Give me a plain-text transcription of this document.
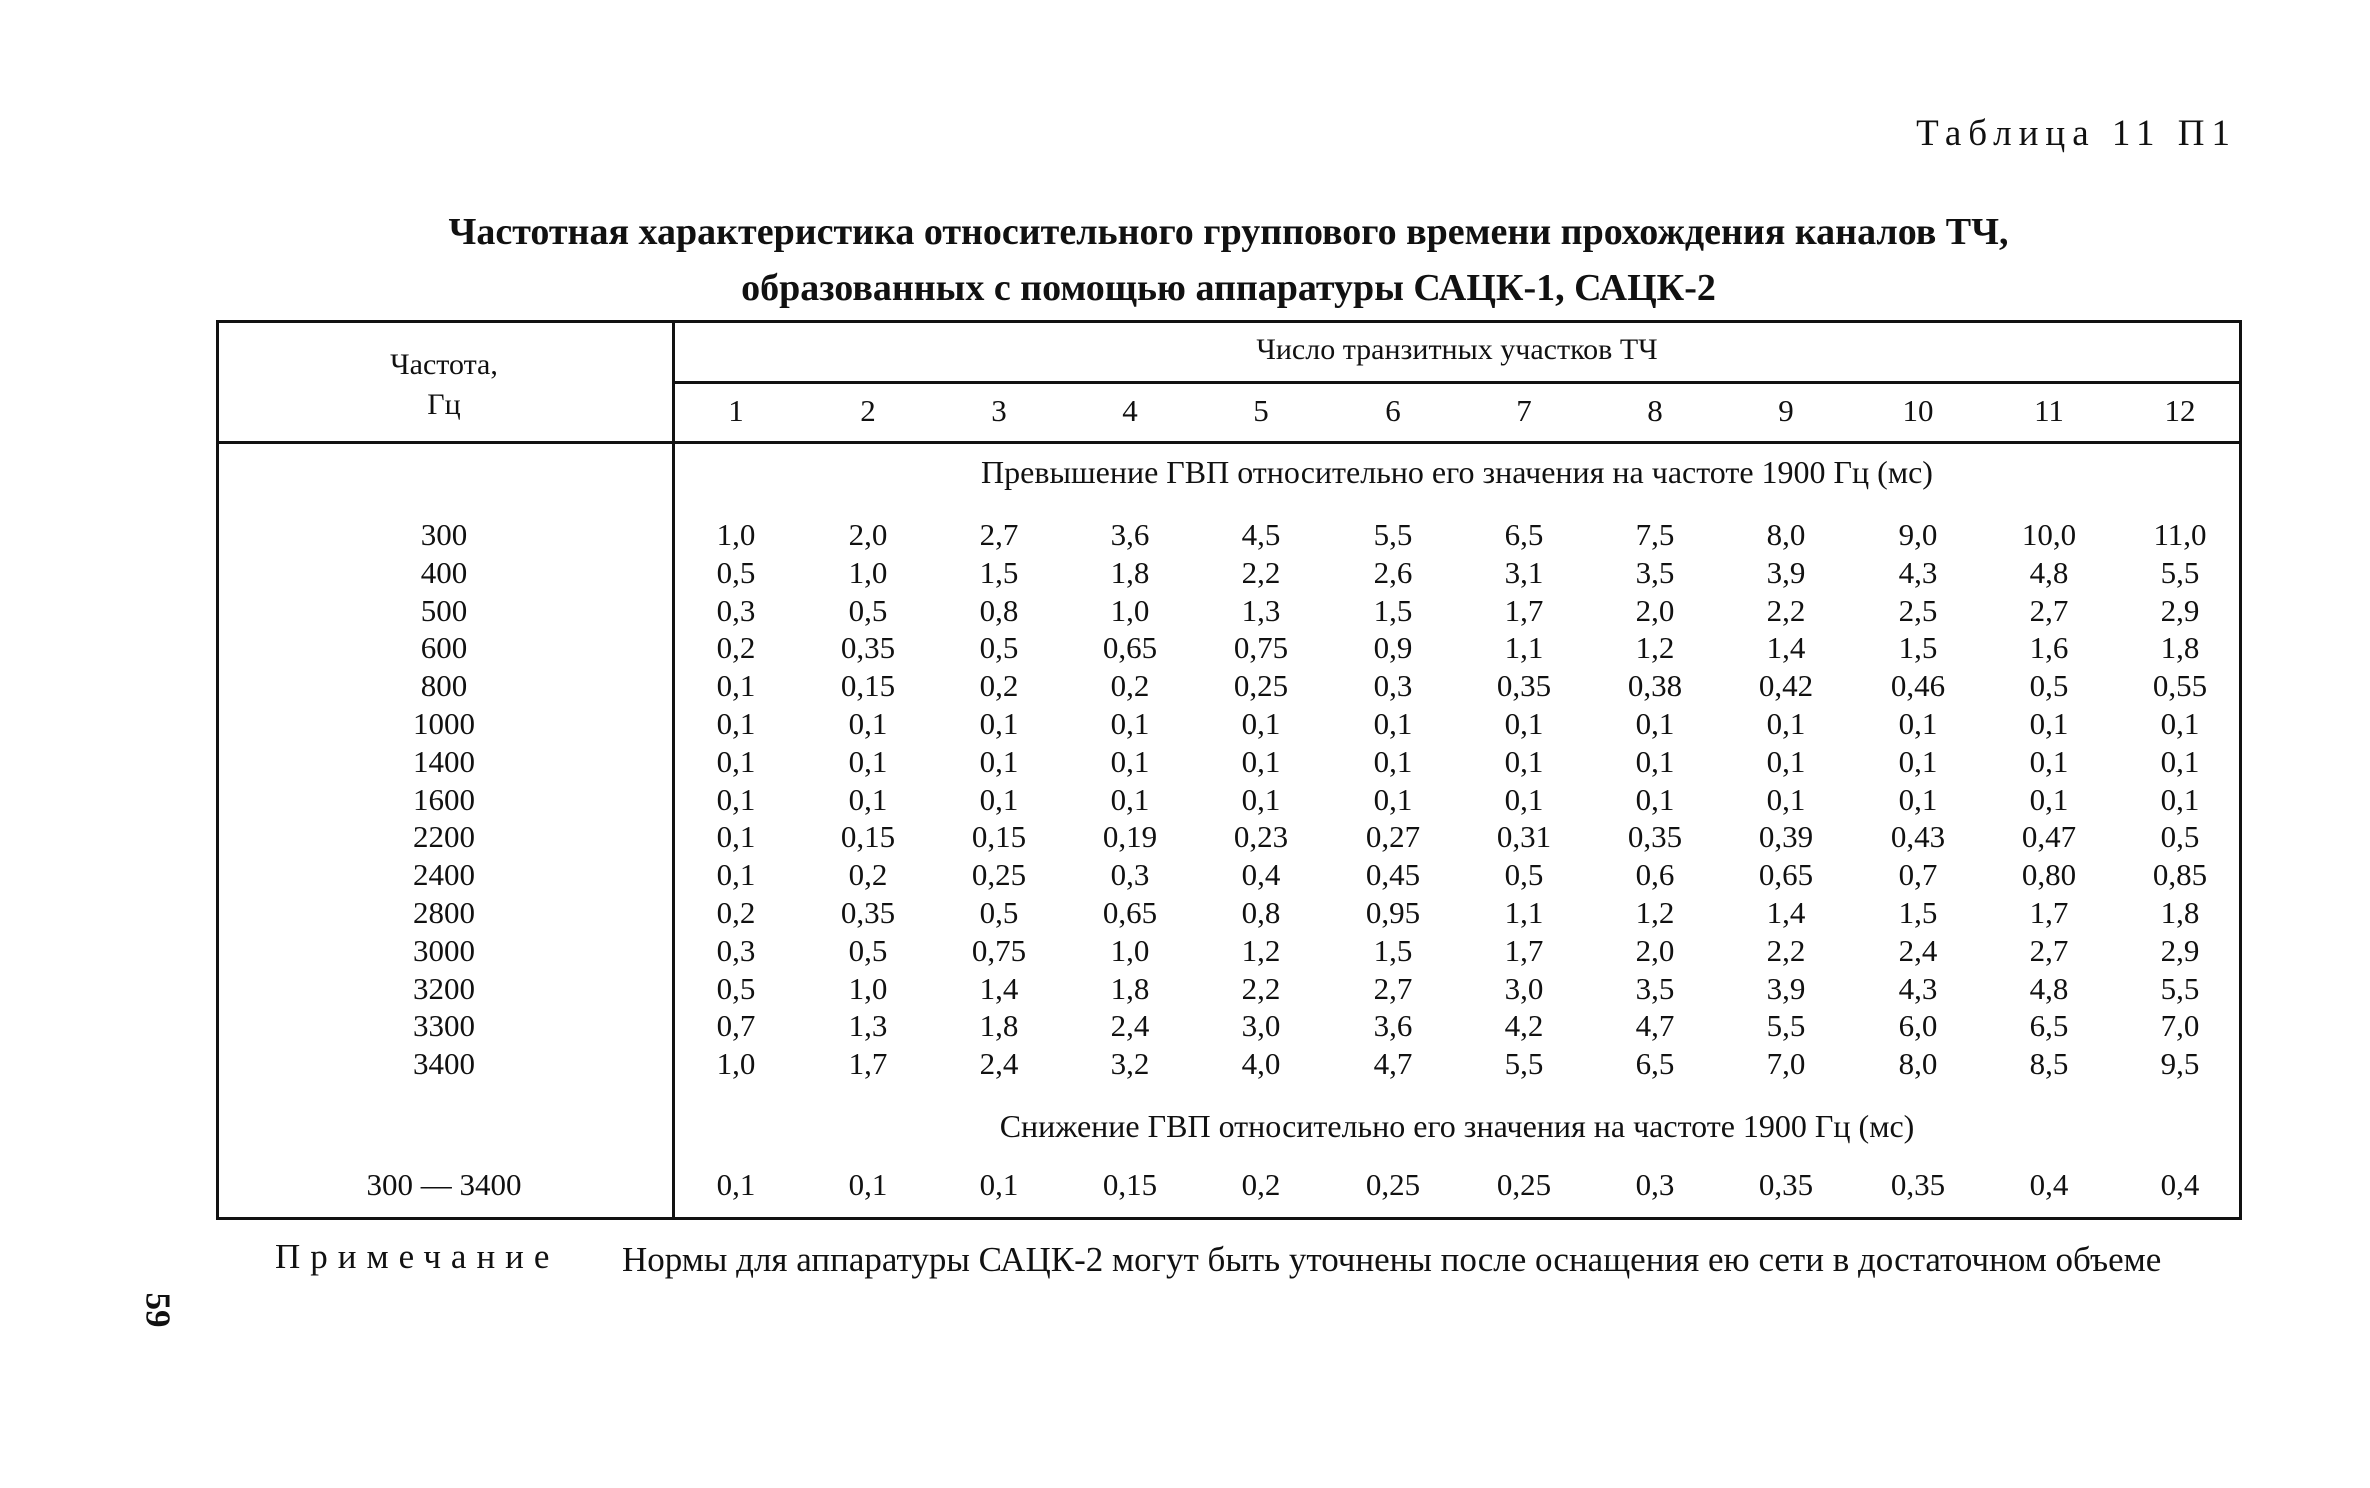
Таблица 11 П1
Частотная характеристика относительного группового времени прохождения каналов ТЧ,
образованных с помощью аппаратуры САЦК-1, САЦК-2
Частота,
Гц
Число транзитных участков ТЧ
1	2	3	4	5	6	7	8	9	10	11	12
Превышение ГВП относительно его значения на частоте 1900 Гц (мс)
300	1,0	2,0	2,7	3,6	4,5	5,5	6,5	7,5	8,0	9,0	10,0	11,0
400	0,5	1,0	1,5	1,8	2,2	2,6	3,1	3,5	3,9	4,3	4,8	5,5
500	0,3	0,5	0,8	1,0	1,3	1,5	1,7	2,0	2,2	2,5	2,7	2,9
600	0,2	0,35	0,5	0,65	0,75	0,9	1,1	1,2	1,4	1,5	1,6	1,8
800	0,1	0,15	0,2	0,2	0,25	0,3	0,35	0,38	0,42	0,46	0,5	0,55
1000	0,1	0,1	0,1	0,1	0,1	0,1	0,1	0,1	0,1	0,1	0,1	0,1
1400	0,1	0,1	0,1	0,1	0,1	0,1	0,1	0,1	0,1	0,1	0,1	0,1
1600	0,1	0,1	0,1	0,1	0,1	0,1	0,1	0,1	0,1	0,1	0,1	0,1
2200	0,1	0,15	0,15	0,19	0,23	0,27	0,31	0,35	0,39	0,43	0,47	0,5
2400	0,1	0,2	0,25	0,3	0,4	0,45	0,5	0,6	0,65	0,7	0,80	0,85
2800	0,2	0,35	0,5	0,65	0,8	0,95	1,1	1,2	1,4	1,5	1,7	1,8
3000	0,3	0,5	0,75	1,0	1,2	1,5	1,7	2,0	2,2	2,4	2,7	2,9
3200	0,5	1,0	1,4	1,8	2,2	2,7	3,0	3,5	3,9	4,3	4,8	5,5
3300	0,7	1,3	1,8	2,4	3,0	3,6	4,2	4,7	5,5	6,0	6,5	7,0
3400	1,0	1,7	2,4	3,2	4,0	4,7	5,5	6,5	7,0	8,0	8,5	9,5
Снижение ГВП относительно его значения на частоте 1900 Гц (мс)
300 — 3400	0,1	0,1	0,1	0,15	0,2	0,25	0,25	0,3	0,35	0,35	0,4	0,4
Примечание Нормы для аппаратуры САЦК-2 могут быть уточнены после оснащения ею сети в достаточном объеме
59
